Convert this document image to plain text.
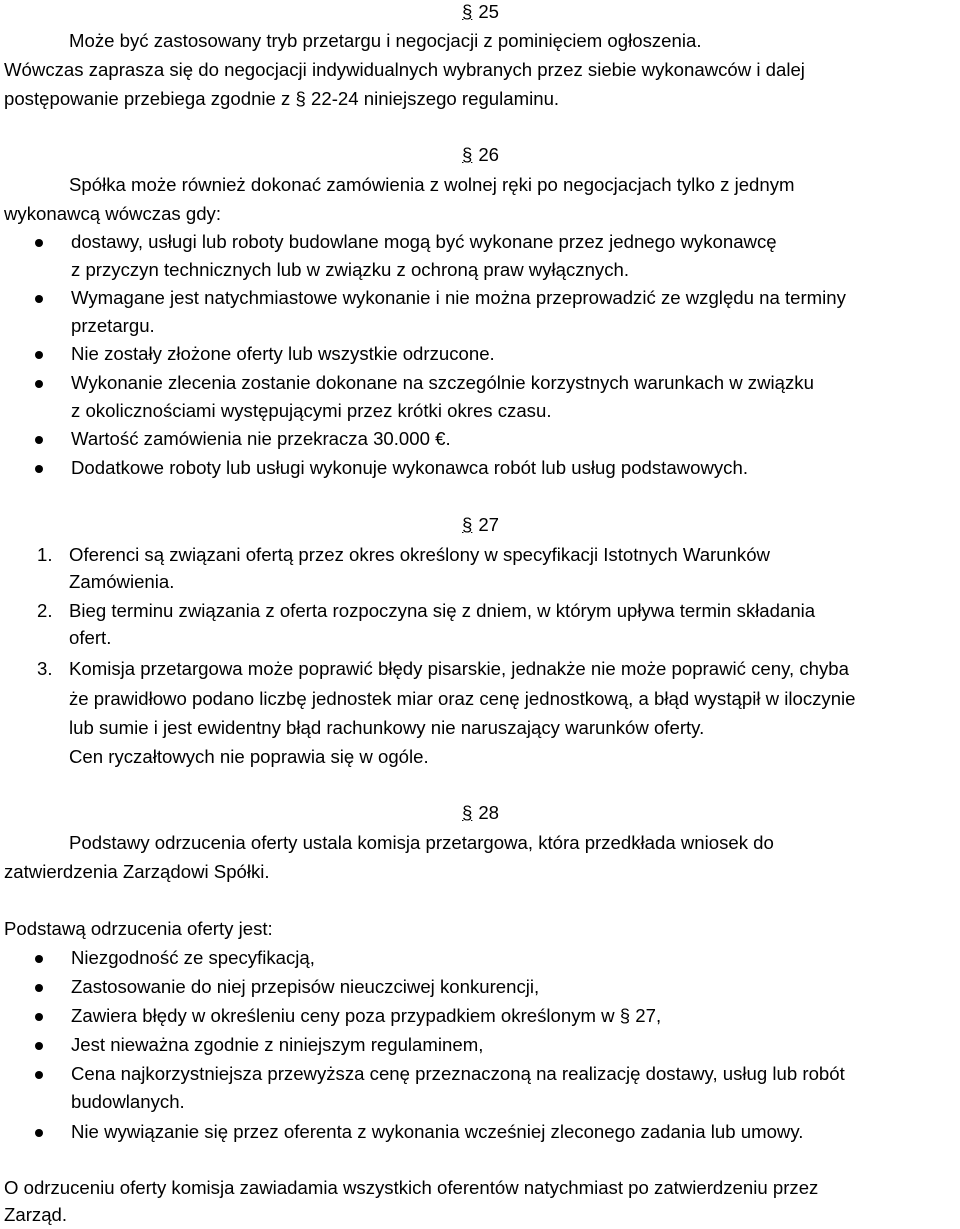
§ 25
Może być zastosowany tryb przetargu i negocjacji z pominięciem ogłoszenia.
Wówczas zaprasza się do negocjacji indywidualnych wybranych przez siebie wykonawców i dalej
postępowanie przebiega zgodnie z § 22-24 niniejszego regulaminu.
§ 26
Spółka może również dokonać zamówienia z wolnej ręki po negocjacjach tylko z jednym
wykonawcą wówczas gdy:
dostawy, usługi lub roboty budowlane mogą być wykonane przez jednego wykonawcę
z przyczyn technicznych lub w związku z ochroną praw wyłącznych.
Wymagane jest natychmiastowe wykonanie i nie można przeprowadzić ze względu na terminy
przetargu.
Nie zostały złożone oferty lub wszystkie odrzucone.
Wykonanie zlecenia zostanie dokonane na szczególnie korzystnych warunkach w związku
z okolicznościami występującymi przez krótki okres czasu.
Wartość zamówienia nie przekracza 30.000 €.
Dodatkowe roboty lub usługi wykonuje wykonawca robót lub usług podstawowych.
§ 27
1. Oferenci są związani ofertą przez okres określony w specyfikacji Istotnych Warunków
Zamówienia.
2. Bieg terminu związania z oferta rozpoczyna się z dniem, w którym upływa termin składania
ofert.
3. Komisja przetargowa może poprawić błędy pisarskie, jednakże nie może poprawić ceny, chyba
że prawidłowo podano liczbę jednostek miar oraz cenę jednostkową, a błąd wystąpił w iloczynie
lub sumie i jest ewidentny błąd rachunkowy nie naruszający warunków oferty.
Cen ryczałtowych nie poprawia się w ogóle.
§ 28
Podstawy odrzucenia oferty ustala komisja przetargowa, która przedkłada wniosek do
zatwierdzenia Zarządowi Spółki.
Podstawą odrzucenia oferty jest:
Niezgodność ze specyfikacją,
Zastosowanie do niej przepisów nieuczciwej konkurencji,
Zawiera błędy w określeniu ceny poza przypadkiem określonym w § 27,
Jest nieważna zgodnie z niniejszym regulaminem,
Cena najkorzystniejsza przewyższa cenę przeznaczoną na realizację dostawy, usług lub robót
budowlanych.
Nie wywiązanie się przez oferenta z wykonania wcześniej zleconego zadania lub umowy.
O odrzuceniu oferty komisja zawiadamia wszystkich oferentów natychmiast po zatwierdzeniu przez
Zarząd.
